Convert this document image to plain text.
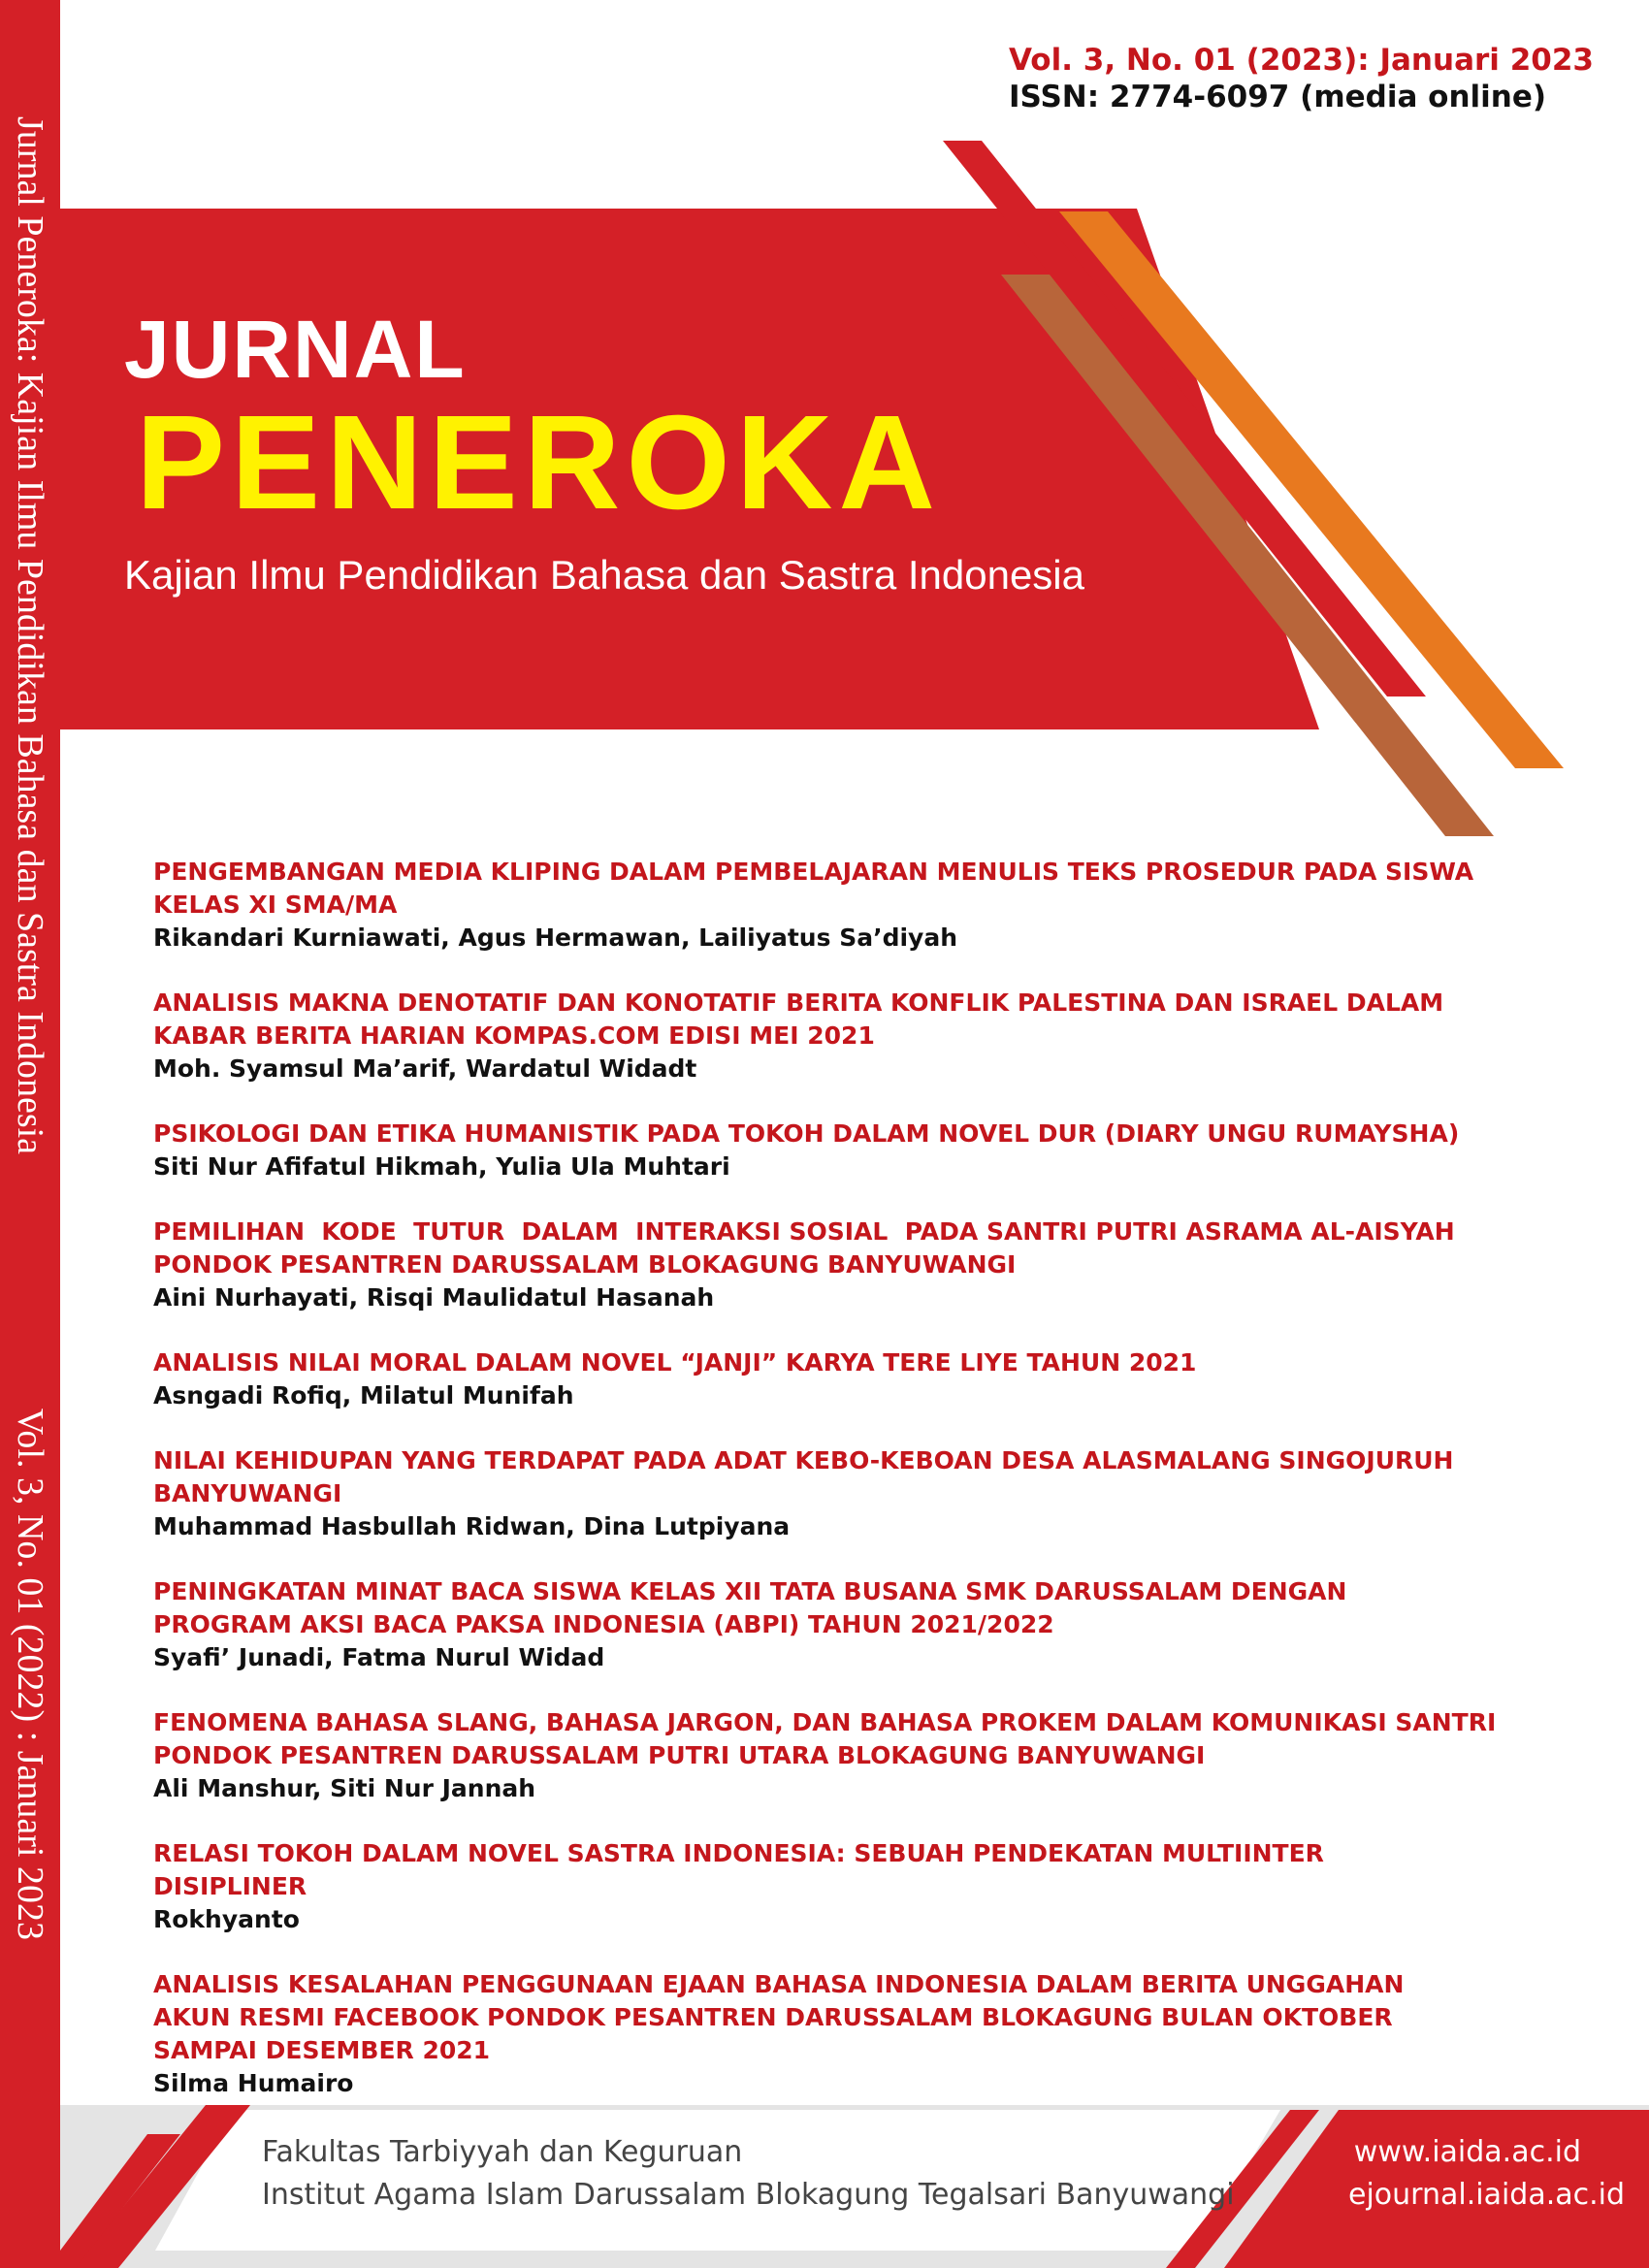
Jurnal Peneroka: Kajian Ilmu Pendidikan Bahasa dan Sastra Indonesia
Vol. 3, No. 01 (2022) : Januari 2023
Vol. 3, No. 01 (2023): Januari 2023
ISSN: 2774-6097 (media online)
JURNAL
PENEROKA
Kajian Ilmu Pendidikan Bahasa dan Sastra Indonesia
PENGEMBANGAN MEDIA KLIPING DALAM PEMBELAJARAN MENULIS TEKS PROSEDUR PADA SISWA
KELAS XI SMA/MA
Rikandari Kurniawati, Agus Hermawan, Lailiyatus Sa’diyah
ANALISIS MAKNA DENOTATIF DAN KONOTATIF BERITA KONFLIK PALESTINA DAN ISRAEL DALAM
KABAR BERITA HARIAN KOMPAS.COM EDISI MEI 2021
Moh. Syamsul Ma’arif, Wardatul Widadt
PSIKOLOGI DAN ETIKA HUMANISTIK PADA TOKOH DALAM NOVEL DUR (DIARY UNGU RUMAYSHA)
Siti Nur Afifatul Hikmah, Yulia Ula Muhtari
PEMILIHAN  KODE  TUTUR  DALAM  INTERAKSI SOSIAL  PADA SANTRI PUTRI ASRAMA AL-AISYAH
PONDOK PESANTREN DARUSSALAM BLOKAGUNG BANYUWANGI
Aini Nurhayati, Risqi Maulidatul Hasanah
ANALISIS NILAI MORAL DALAM NOVEL “JANJI” KARYA TERE LIYE TAHUN 2021
Asngadi Rofiq, Milatul Munifah
NILAI KEHIDUPAN YANG TERDAPAT PADA ADAT KEBO-KEBOAN DESA ALASMALANG SINGOJURUH
BANYUWANGI
Muhammad Hasbullah Ridwan, Dina Lutpiyana
PENINGKATAN MINAT BACA SISWA KELAS XII TATA BUSANA SMK DARUSSALAM DENGAN
PROGRAM AKSI BACA PAKSA INDONESIA (ABPI) TAHUN 2021/2022
Syafi’ Junadi, Fatma Nurul Widad
FENOMENA BAHASA SLANG, BAHASA JARGON, DAN BAHASA PROKEM DALAM KOMUNIKASI SANTRI
PONDOK PESANTREN DARUSSALAM PUTRI UTARA BLOKAGUNG BANYUWANGI
Ali Manshur, Siti Nur Jannah
RELASI TOKOH DALAM NOVEL SASTRA INDONESIA: SEBUAH PENDEKATAN MULTIINTER
DISIPLINER
Rokhyanto
ANALISIS KESALAHAN PENGGUNAAN EJAAN BAHASA INDONESIA DALAM BERITA UNGGAHAN
AKUN RESMI FACEBOOK PONDOK PESANTREN DARUSSALAM BLOKAGUNG BULAN OKTOBER
SAMPAI DESEMBER 2021
Silma Humairo
Fakultas Tarbiyyah dan Keguruan
Institut Agama Islam Darussalam Blokagung Tegalsari Banyuwangi
www.iaida.ac.id
ejournal.iaida.ac.id
